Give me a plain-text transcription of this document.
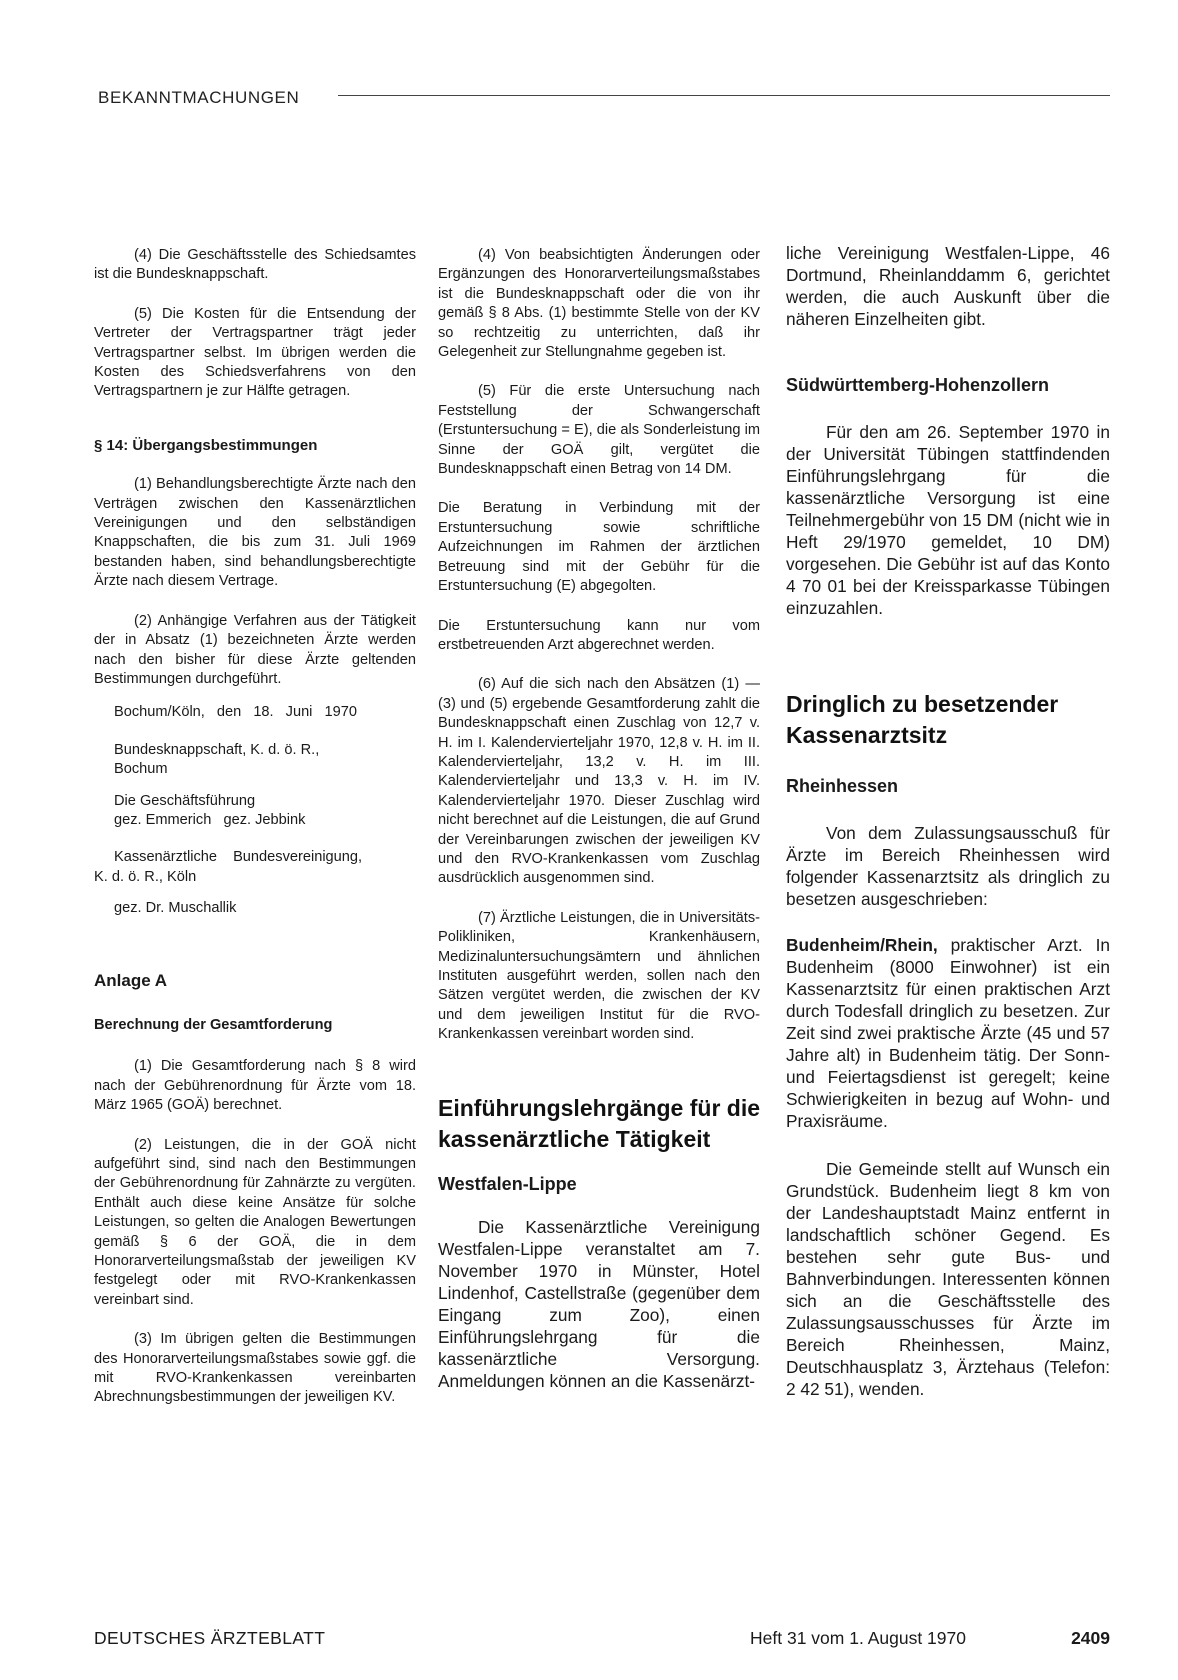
BEKANNTMACHUNGEN

(4) Die Geschäftsstelle des Schiedsamtes ist die Bundesknappschaft.

(5) Die Kosten für die Entsendung der Vertreter der Vertragspartner trägt jeder Vertragspartner selbst. Im übrigen werden die Kosten des Schiedsverfahrens von den Vertragspartnern je zur Hälfte getragen.

§ 14: Übergangsbestimmungen

(1) Behandlungsberechtigte Ärzte nach den Verträgen zwischen den Kassenärztlichen Vereinigungen und den selbständigen Knappschaften, die bis zum 31. Juli 1969 bestanden haben, sind behandlungsberechtigte Ärzte nach diesem Vertrage.

(2) Anhängige Verfahren aus der Tätigkeit der in Absatz (1) bezeichneten Ärzte werden nach den bisher für diese Ärzte geltenden Bestimmungen durchgeführt.

Bochum/Köln, den 18. Juni 1970
Bundesknappschaft, K. d. ö. R.,
Bochum
Die Geschäftsführung
gez. Emmerich   gez. Jebbink
Kassenärztliche Bundesvereinigung,
K. d. ö. R., Köln
gez. Dr. Muschallik
Anlage A
Berechnung der Gesamtforderung

(1) Die Gesamtforderung nach § 8 wird nach der Gebührenordnung für Ärzte vom 18. März 1965 (GOÄ) berechnet.

(2) Leistungen, die in der GOÄ nicht aufgeführt sind, sind nach den Bestimmungen der Gebührenordnung für Zahnärzte zu vergüten. Enthält auch diese keine Ansätze für solche Leistungen, so gelten die Analogen Bewertungen gemäß § 6 der GOÄ, die in dem Honorarverteilungsmaßstab der jeweiligen KV festgelegt oder mit RVO-Krankenkassen vereinbart sind.

(3) Im übrigen gelten die Bestimmungen des Honorarverteilungsmaßstabes sowie ggf. die mit RVO-Krankenkassen vereinbarten Abrechnungsbestimmungen der jeweiligen KV.

(4) Von beabsichtigten Änderungen oder Ergänzungen des Honorarverteilungsmaßstabes ist die Bundesknappschaft oder die von ihr gemäß § 8 Abs. (1) bestimmte Stelle von der KV so rechtzeitig zu unterrichten, daß ihr Gelegenheit zur Stellungnahme gegeben ist.

(5) Für die erste Untersuchung nach Feststellung der Schwangerschaft (Erstuntersuchung = E), die als Sonderleistung im Sinne der GOÄ gilt, vergütet die Bundesknappschaft einen Betrag von 14 DM.

Die Beratung in Verbindung mit der Erstuntersuchung sowie schriftliche Aufzeichnungen im Rahmen der ärztlichen Betreuung sind mit der Gebühr für die Erstuntersuchung (E) abgegolten.

Die Erstuntersuchung kann nur vom erstbetreuenden Arzt abgerechnet werden.

(6) Auf die sich nach den Absätzen (1) — (3) und (5) ergebende Gesamtforderung zahlt die Bundesknappschaft einen Zuschlag von 12,7 v. H. im I. Kalendervierteljahr 1970, 12,8 v. H. im II. Kalendervierteljahr, 13,2 v. H. im III. Kalendervierteljahr und 13,3 v. H. im IV. Kalendervierteljahr 1970. Dieser Zuschlag wird nicht berechnet auf die Leistungen, die auf Grund der Vereinbarungen zwischen der jeweiligen KV und den RVO-Krankenkassen vom Zuschlag ausdrücklich ausgenommen sind.

(7) Ärztliche Leistungen, die in Universitäts-Polikliniken, Krankenhäusern, Medizinaluntersuchungsämtern und ähnlichen Instituten ausgeführt werden, sollen nach den Sätzen vergütet werden, die zwischen der KV und dem jeweiligen Institut für die RVO-Krankenkassen vereinbart worden sind.

Einführungslehrgänge für die kassenärztliche Tätigkeit
Westfalen-Lippe

Die Kassenärztliche Vereinigung Westfalen-Lippe veranstaltet am 7. November 1970 in Münster, Hotel Lindenhof, Castellstraße (gegenüber dem Eingang zum Zoo), einen Einführungslehrgang für die kassenärztliche Versorgung. Anmeldungen können an die Kassenärzt-

liche Vereinigung Westfalen-Lippe, 46 Dortmund, Rheinlanddamm 6, gerichtet werden, die auch Auskunft über die näheren Einzelheiten gibt.

Südwürttemberg-Hohenzollern

Für den am 26. September 1970 in der Universität Tübingen stattfindenden Einführungslehrgang für die kassenärztliche Versorgung ist eine Teilnehmergebühr von 15 DM (nicht wie in Heft 29/1970 gemeldet, 10 DM) vorgesehen. Die Gebühr ist auf das Konto 4 70 01 bei der Kreissparkasse Tübingen einzuzahlen.

Dringlich zu besetzender Kassenarztsitz
Rheinhessen

Von dem Zulassungsausschuß für Ärzte im Bereich Rheinhessen wird folgender Kassenarztsitz als dringlich zu besetzen ausgeschrieben:

Budenheim/Rhein, praktischer Arzt. In Budenheim (8000 Einwohner) ist ein Kassenarztsitz für einen praktischen Arzt durch Todesfall dringlich zu besetzen. Zur Zeit sind zwei praktische Ärzte (45 und 57 Jahre alt) in Budenheim tätig. Der Sonn- und Feiertagsdienst ist geregelt; keine Schwierigkeiten in bezug auf Wohn- und Praxisräume.

Die Gemeinde stellt auf Wunsch ein Grundstück. Budenheim liegt 8 km von der Landeshauptstadt Mainz entfernt in landschaftlich schöner Gegend. Es bestehen sehr gute Bus- und Bahnverbindungen. Interessenten können sich an die Geschäftsstelle des Zulassungsausschusses für Ärzte im Bereich Rheinhessen, Mainz, Deutschhausplatz 3, Ärztehaus (Telefon: 2 42 51), wenden.

DEUTSCHES ÄRZTEBLATT	Heft 31 vom 1. August 1970	2409
